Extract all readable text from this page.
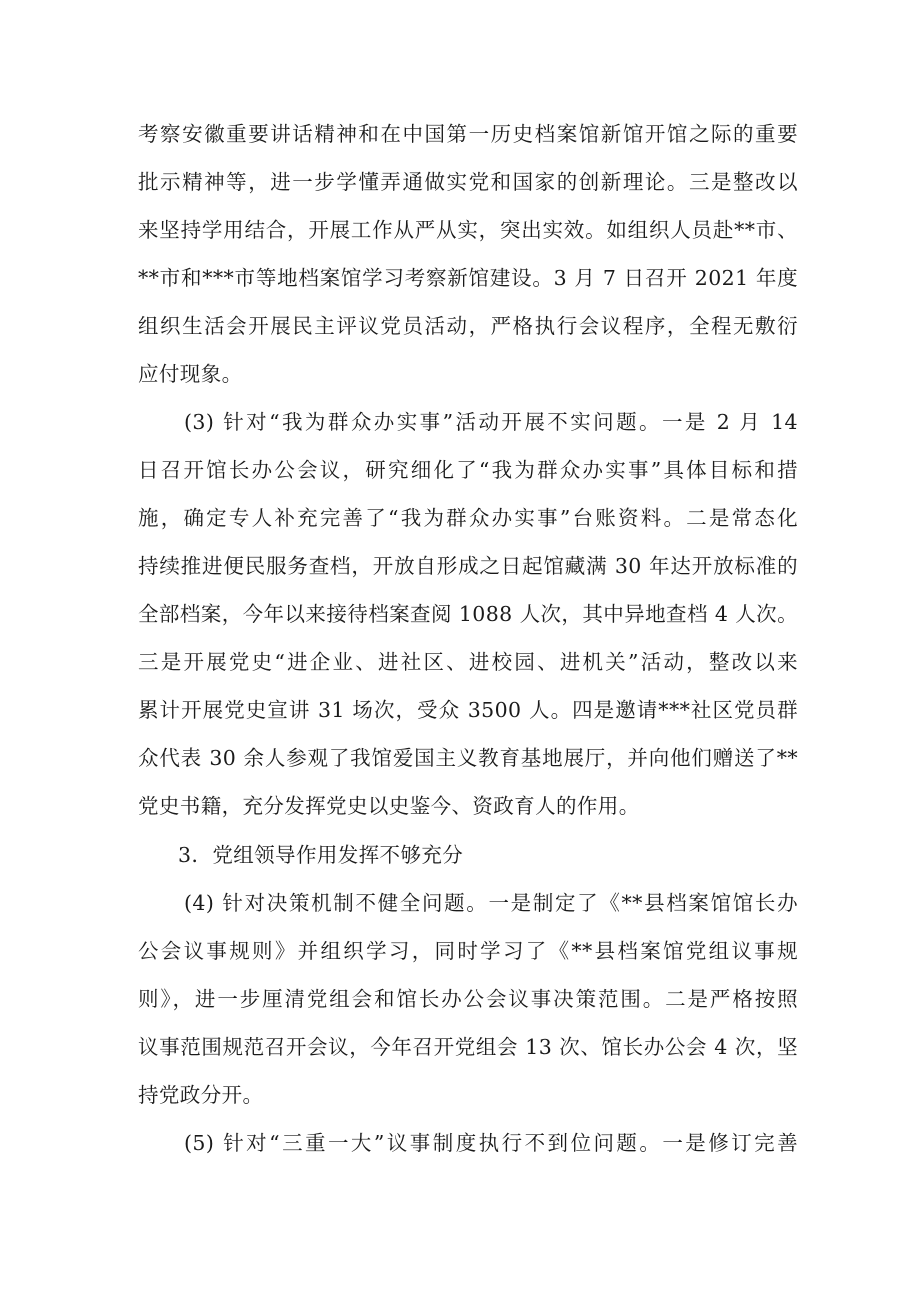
考察安徽重要讲话精神和在中国第一历史档案馆新馆开馆之际的重要
批示精神等，进一步学懂弄通做实党和国家的创新理论。三是整改以
来坚持学用结合，开展工作从严从实，突出实效。如组织人员赴**市、
**市和***市等地档案馆学习考察新馆建设。3 月 7 日召开 2021 年度
组织生活会开展民主评议党员活动，严格执行会议程序，全程无敷衍
应付现象。
(3) 针对“我为群众办实事”活动开展不实问题。一是 2 月 14
日召开馆长办公会议，研究细化了“我为群众办实事”具体目标和措
施，确定专人补充完善了“我为群众办实事”台账资料。二是常态化
持续推进便民服务查档，开放自形成之日起馆藏满 30 年达开放标准的
全部档案，今年以来接待档案查阅 1088 人次，其中异地查档 4 人次。
三是开展党史“进企业、进社区、进校园、进机关”活动，整改以来
累计开展党史宣讲 31 场次，受众 3500 人。四是邀请***社区党员群
众代表 30 余人参观了我馆爱国主义教育基地展厅，并向他们赠送了**
党史书籍，充分发挥党史以史鉴今、资政育人的作用。
3．党组领导作用发挥不够充分
(4) 针对决策机制不健全问题。一是制定了《**县档案馆馆长办
公会议事规则》并组织学习，同时学习了《**县档案馆党组议事规
则》，进一步厘清党组会和馆长办公会议事决策范围。二是严格按照
议事范围规范召开会议，今年召开党组会 13 次、馆长办公会 4 次，坚
持党政分开。
(5) 针对“三重一大”议事制度执行不到位问题。一是修订完善
